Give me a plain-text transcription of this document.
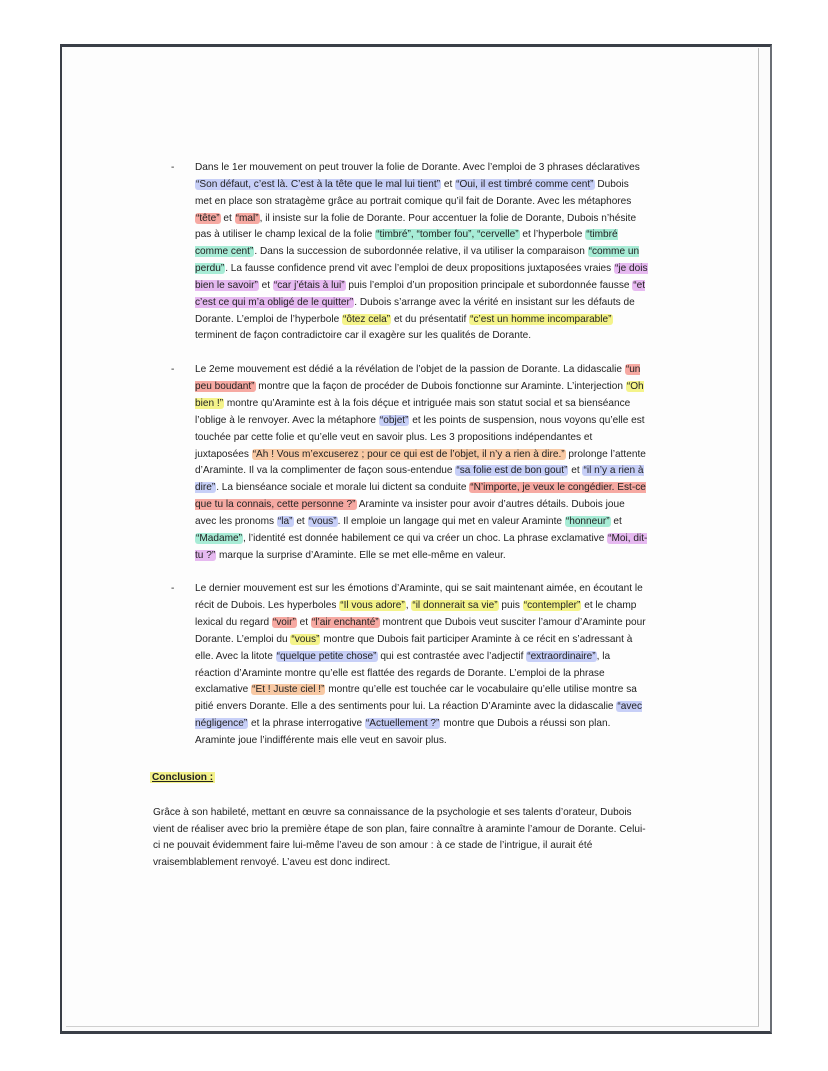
- Dans le 1er mouvement on peut trouver la folie de Dorante. Avec l’emploi de 3 phrases déclaratives “Son défaut, c’est là. C’est à la tête que le mal lui tient” et “Oui, il est timbré comme cent” Dubois met en place son stratagème grâce au portrait comique qu’il fait de Dorante. Avec les métaphores “tête” et “mal”, il insiste sur la folie de Dorante. Pour accentuer la folie de Dorante, Dubois n’hésite pas à utiliser le champ lexical de la folie “timbré”, “tomber fou”, “cervelle” et l’hyperbole “timbré comme cent”. Dans la succession de subordonnée relative, il va utiliser la comparaison “comme un perdu”. La fausse confidence prend vit avec l’emploi de deux propositions juxtaposées vraies “je dois bien le savoir” et “car j’étais à lui” puis l’emploi d’un proposition principale et subordonnée fausse “et c’est ce qui m’a obligé de le quitter”. Dubois s’arrange avec la vérité en insistant sur les défauts de Dorante. L’emploi de l’hyperbole “ôtez cela” et du présentatif “c’est un homme incomparable” terminent de façon contradictoire car il exagère sur les qualités de Dorante.
- Le 2eme mouvement est dédié a la révélation de l’objet de la passion de Dorante. La didascalie “un peu boudant” montre que la façon de procéder de Dubois fonctionne sur Araminte. L’interjection “Oh bien !” montre qu’Araminte est à la fois déçue et intriguée mais son statut social et sa bienséance l’oblige à le renvoyer. Avec la métaphore “objet” et les points de suspension, nous voyons qu’elle est touchée par cette folie et qu’elle veut en savoir plus. Les 3 propositions indépendantes et juxtaposées “Ah ! Vous m’excuserez ; pour ce qui est de l’objet, il n’y a rien à dire.” prolonge l’attente d’Araminte. Il va la complimenter de façon sous-entendue “sa folie est de bon gout” et “il n’y a rien à dire”. La bienséance sociale et morale lui dictent sa conduite “N’importe, je veux le congédier. Est-ce que tu la connais, cette personne ?” Araminte va insister pour avoir d’autres détails. Dubois joue avec les pronoms “la” et “vous”. Il emploie un langage qui met en valeur Araminte “honneur” et “Madame”, l’identité est donnée habilement ce qui va créer un choc. La phrase exclamative “Moi, dit-tu ?” marque la surprise d’Araminte. Elle se met elle-même en valeur.
- Le dernier mouvement est sur les émotions d’Araminte, qui se sait maintenant aimée, en écoutant le récit de Dubois. Les hyperboles “Il vous adore”, “il donnerait sa vie” puis “contempler” et le champ lexical du regard “voir” et “l’air enchanté” montrent que Dubois veut susciter l’amour d’Araminte pour Dorante. L’emploi du “vous” montre que Dubois fait participer Araminte à ce récit en s’adressant à elle. Avec la litote “quelque petite chose” qui est contrastée avec l’adjectif “extraordinaire”, la réaction d’Araminte montre qu’elle est flattée des regards de Dorante. L’emploi de la phrase exclamative “Et ! Juste ciel !” montre qu’elle est touchée car le vocabulaire qu’elle utilise montre sa pitié envers Dorante. Elle a des sentiments pour lui. La réaction D’Araminte avec la didascalie “avec négligence” et la phrase interrogative “Actuellement ?” montre que Dubois a réussi son plan. Araminte joue l’indifférente mais elle veut en savoir plus.
Conclusion :
Grâce à son habileté, mettant en œuvre sa connaissance de la psychologie et ses talents d’orateur, Dubois vient de réaliser avec brio la première étape de son plan, faire connaître à araminte l’amour de Dorante. Celui-ci ne pouvait évidemment faire lui-même l’aveu de son amour : à ce stade de l’intrigue, il aurait été vraisemblablement renvoyé. L’aveu est donc indirect.
